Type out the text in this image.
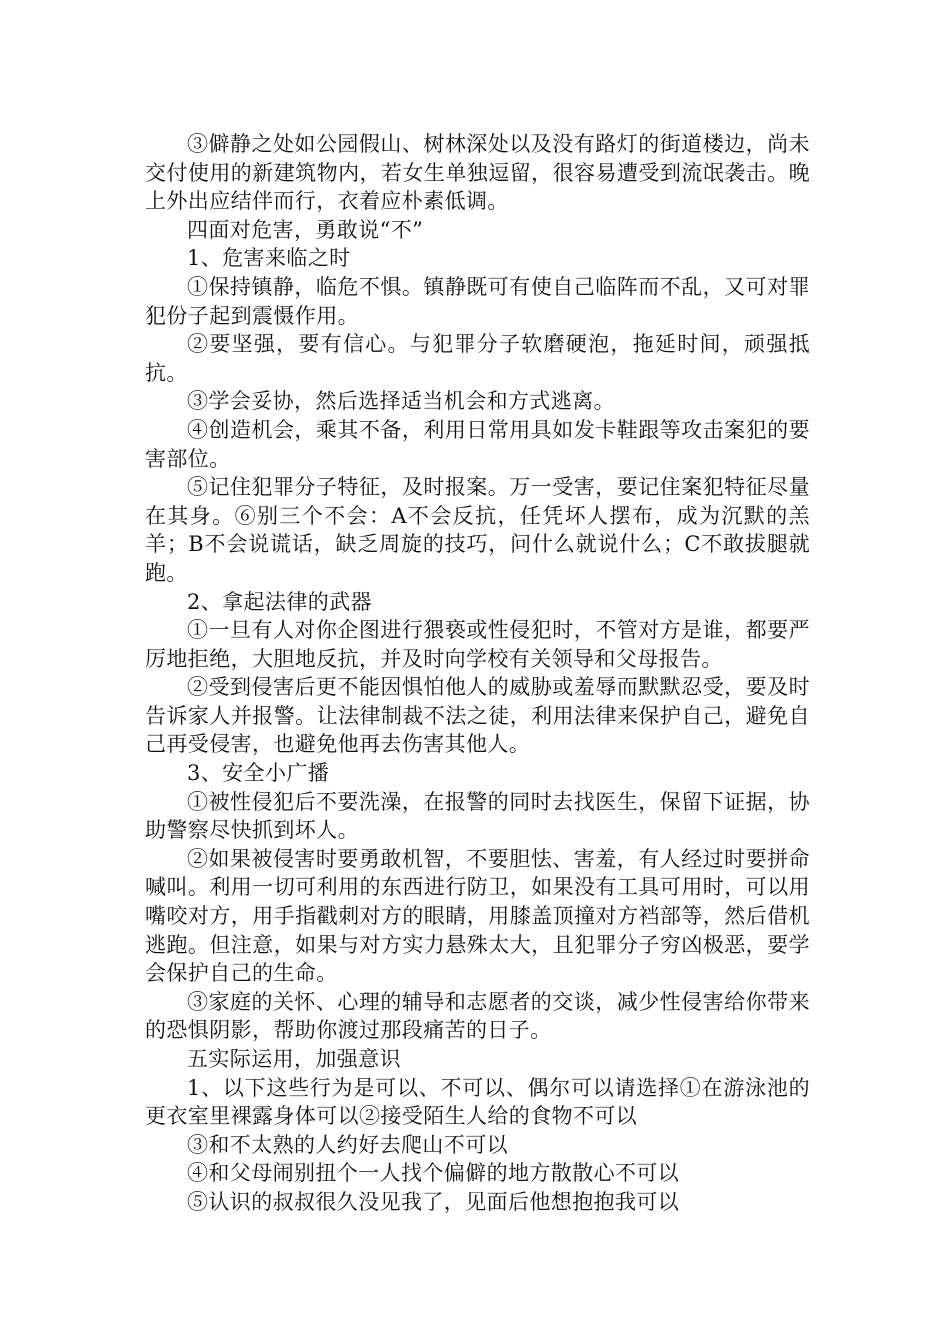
③僻静之处如公园假山、树林深处以及没有路灯的街道楼边，尚未交付使用的新建筑物内，若女生单独逗留，很容易遭受到流氓袭击。晚上外出应结伴而行，衣着应朴素低调。

四面对危害，勇敢说“不”

1、危害来临之时

①保持镇静，临危不惧。镇静既可有使自己临阵而不乱，又可对罪犯份子起到震慑作用。

②要坚强，要有信心。与犯罪分子软磨硬泡，拖延时间，顽强抵抗。

③学会妥协，然后选择适当机会和方式逃离。

④创造机会，乘其不备，利用日常用具如发卡鞋跟等攻击案犯的要害部位。

⑤记住犯罪分子特征，及时报案。万一受害，要记住案犯特征尽量在其身。⑥别三个不会：A不会反抗，任凭坏人摆布，成为沉默的羔羊；B不会说谎话，缺乏周旋的技巧，问什么就说什么；C不敢拔腿就跑。

2、拿起法律的武器

①一旦有人对你企图进行猥亵或性侵犯时，不管对方是谁，都要严厉地拒绝，大胆地反抗，并及时向学校有关领导和父母报告。

②受到侵害后更不能因惧怕他人的威胁或羞辱而默默忍受，要及时告诉家人并报警。让法律制裁不法之徒，利用法律来保护自己，避免自己再受侵害，也避免他再去伤害其他人。

3、安全小广播

①被性侵犯后不要洗澡，在报警的同时去找医生，保留下证据，协助警察尽快抓到坏人。

②如果被侵害时要勇敢机智，不要胆怯、害羞，有人经过时要拼命喊叫。利用一切可利用的东西进行防卫，如果没有工具可用时，可以用嘴咬对方，用手指戳刺对方的眼睛，用膝盖顶撞对方裆部等，然后借机逃跑。但注意，如果与对方实力悬殊太大，且犯罪分子穷凶极恶，要学会保护自己的生命。

③家庭的关怀、心理的辅导和志愿者的交谈，减少性侵害给你带来的恐惧阴影，帮助你渡过那段痛苦的日子。

五实际运用，加强意识

1、以下这些行为是可以、不可以、偶尔可以请选择①在游泳池的更衣室里裸露身体可以②接受陌生人给的食物不可以

③和不太熟的人约好去爬山不可以

④和父母闹别扭个一人找个偏僻的地方散散心不可以

⑤认识的叔叔很久没见我了，见面后他想抱抱我可以
